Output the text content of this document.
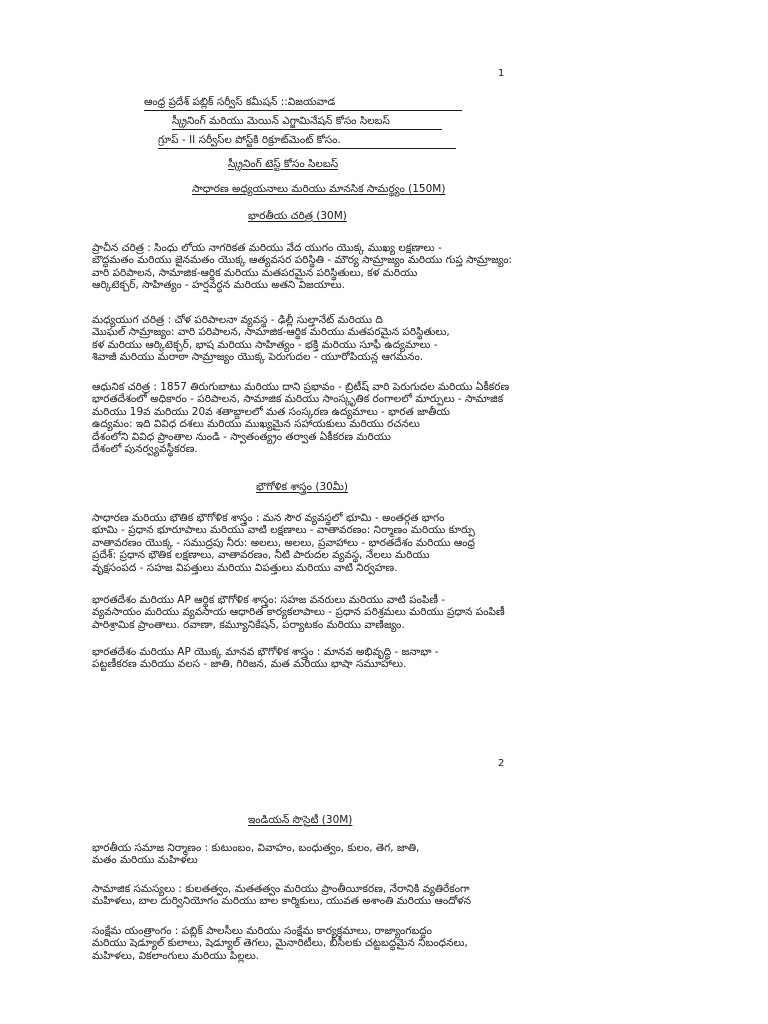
1
ఆంధ్ర ప్రదేశ్ పబ్లిక్ సర్వీస్ కమీషన్ ::విజయవాడ
స్క్రీనింగ్ మరియు మెయిన్ ఎగ్జామినేషన్ కోసం సిలబస్
గ్రూప్ - II సర్వీస్‌ల పోస్ట్‌కి రిక్రూట్‌మెంట్ కోసం.
స్క్రీనింగ్ టెస్ట్ కోసం సిలబస్
సాధారణ అధ్యయనాలు మరియు మానసిక సామర్థ్యం (150M)
భారతీయ చరిత్ర (30M)
ప్రాచీన చరిత్ర : సింధు లోయ నాగరికత మరియు వేద యుగం యొక్క ముఖ్య లక్షణాలు -
బౌద్ధమతం మరియు జైనమతం యొక్క ఆత్యవసర పరిస్థితి - మౌర్య సామ్రాజ్యం మరియు గుప్త సామ్రాజ్యం:
వారి పరిపాలన, సామాజిక-ఆర్థిక మరియు మతపరమైన పరిస్థితులు, కళ మరియు
ఆర్కిటెక్చర్, సాహిత్యం - హర్షవర్ధన మరియు అతని విజయాలు.
మధ్యయుగ చరిత్ర : చోళ పరిపాలనా వ్యవస్థ - ఢిల్లీ సుల్తానేట్ మరియు ది
మొఘల్ సామ్రాజ్యం: వారి పరిపాలన, సామాజిక-ఆర్థిక మరియు మతపరమైన పరిస్థితులు,
కళ మరియు ఆర్కిటెక్చర్, భాష మరియు సాహిత్యం - భక్తి మరియు సూఫీ ఉద్యమాలు -
శివాజీ మరియు మరాఠా సామ్రాజ్యం యొక్క పెరుగుదల - యూరోపియన్ల ఆగమనం.
ఆధునిక చరిత్ర : 1857 తిరుగుబాటు మరియు దాని ప్రభావం - బ్రిటీష్ వారి పెరుగుదల మరియు ఏకీకరణ
భారతదేశంలో అధికారం - పరిపాలన, సామాజిక మరియు సాంస్కృతిక రంగాలలో మార్పులు - సామాజిక
మరియు 19వ మరియు 20వ శతాబ్దాలలో మత సంస్కరణ ఉద్యమాలు - భారత జాతీయ
ఉద్యమం: ఇది వివిధ దశలు మరియు ముఖ్యమైన సహాయకులు మరియు రచనలు
దేశంలోని వివిధ ప్రాంతాల నుండి - స్వాతంత్య్రం తర్వాత ఏకీకరణ మరియు
దేశంలో పునర్వ్యవస్థీకరణ.
భౌగోళిక శాస్త్రం (30మీ)
సాధారణ మరియు భౌతిక భౌగోళిక శాస్త్రం : మన సౌర వ్యవస్థలో భూమి - అంతర్గత భాగం
భూమి - ప్రధాన భూరూపాలు మరియు వాటి లక్షణాలు - వాతావరణం: నిర్మాణం మరియు కూర్పు
వాతావరణం యొక్క - సముద్రపు నీరు: అలలు, అలలు, ప్రవాహాలు - భారతదేశం మరియు ఆంధ్ర
ప్రదేశ్: ప్రధాన భౌతిక లక్షణాలు, వాతావరణం, నీటి పారుదల వ్యవస్థ, నేలలు మరియు
వృక్షసంపద - సహజ విపత్తులు మరియు విపత్తులు మరియు వాటి నిర్వహణ.
భారతదేశం మరియు AP ఆర్థిక భౌగోళిక శాస్త్రం: సహజ వనరులు మరియు వాటి పంపిణీ -
వ్యవసాయం మరియు వ్యవసాయ ఆధారిత కార్యకలాపాలు - ప్రధాన పరిశ్రమలు మరియు ప్రధాన పంపిణీ
పారిశ్రామిక ప్రాంతాలు. రవాణా, కమ్యూనికేషన్, పర్యాటకం మరియు వాణిజ్యం.
భారతదేశం మరియు AP యొక్క మానవ భౌగోళిక శాస్త్రం : మానవ అభివృద్ధి - జనాభా -
పట్టణీకరణ మరియు వలస - జాతి, గిరిజన, మత మరియు భాషా సమూహాలు.
2
ఇండియన్ సొసైటీ (30M)
భారతీయ సమాజ నిర్మాణం : కుటుంబం, వివాహం, బంధుత్వం, కులం, తెగ, జాతి,
మతం మరియు మహిళలు
సామాజిక సమస్యలు : కులతత్వం, మతతత్వం మరియు ప్రాంతీయీకరణ, నేరానికి వ్యతిరేకంగా
మహిళలు, బాల దుర్వినియోగం మరియు బాల కార్మికులు, యువత అశాంతి మరియు ఆందోళన
సంక్షేమ యంత్రాంగం : పబ్లిక్ పాలసీలు మరియు సంక్షేమ కార్యక్రమాలు, రాజ్యాంగబద్ధం
మరియు షెడ్యూల్ కులాలు, షెడ్యూల్ తెగలు, మైనారిటీలు, బీసీలకు చట్టబద్ధమైన నిబంధనలు,
మహిళలు, వికలాంగులు మరియు పిల్లలు.
